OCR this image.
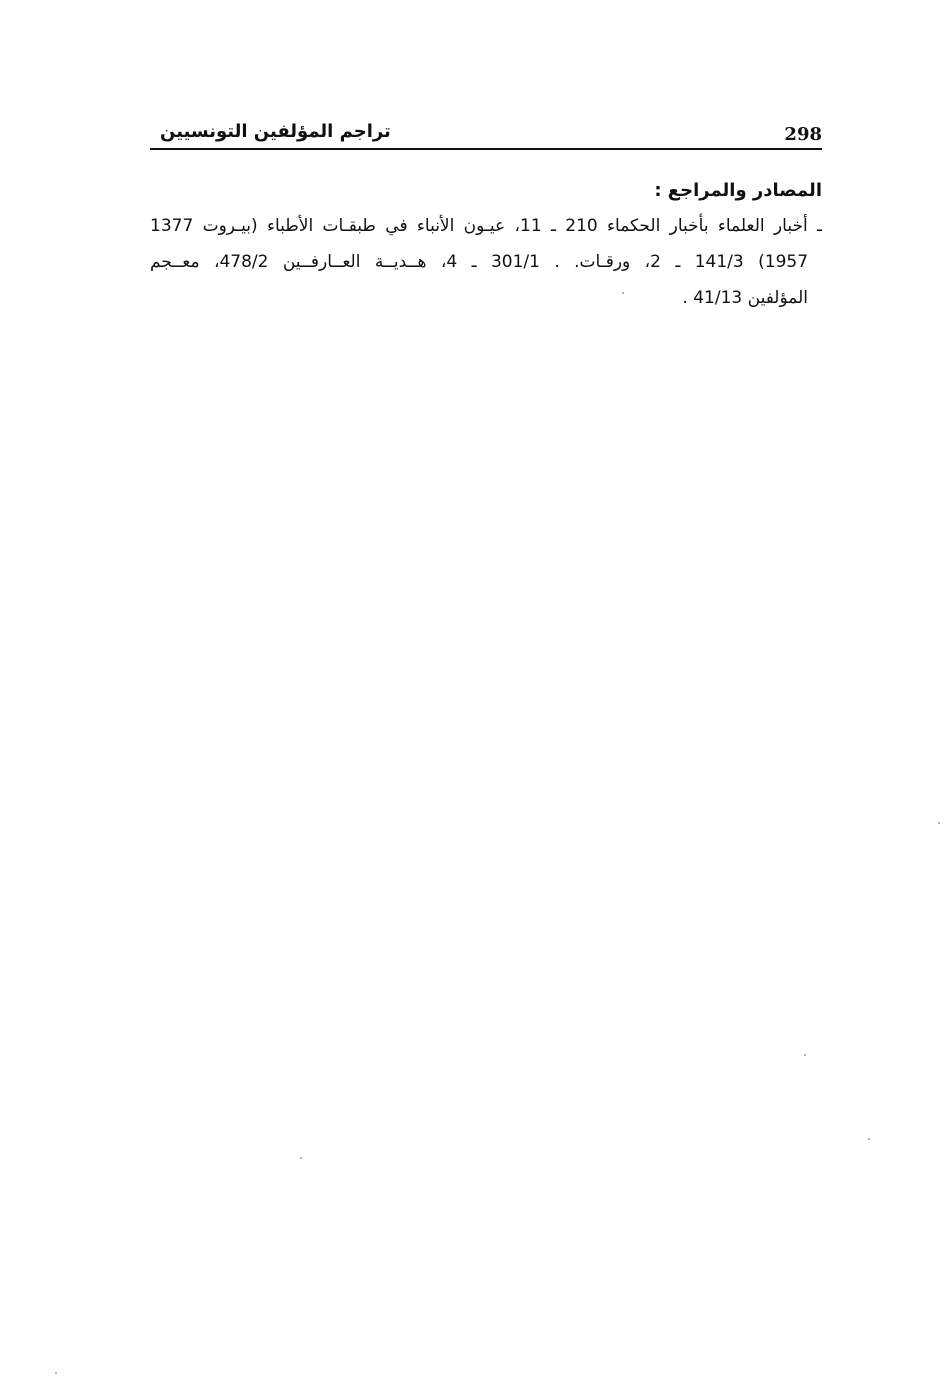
298
تراجم المؤلفين التونسيين
المصادر والمراجع :
ـ أخبار العلماء بأخبار الحكماء 210 ـ 11، عيـون الأنباء في طبقـات الأطباء (بيـروت 1377
1957) 141/3 ـ 2، ورقـات. . 301/1 ـ 4، هــديــة العــارفــين 478/2، معــجم
المؤلفين 41/13 .
